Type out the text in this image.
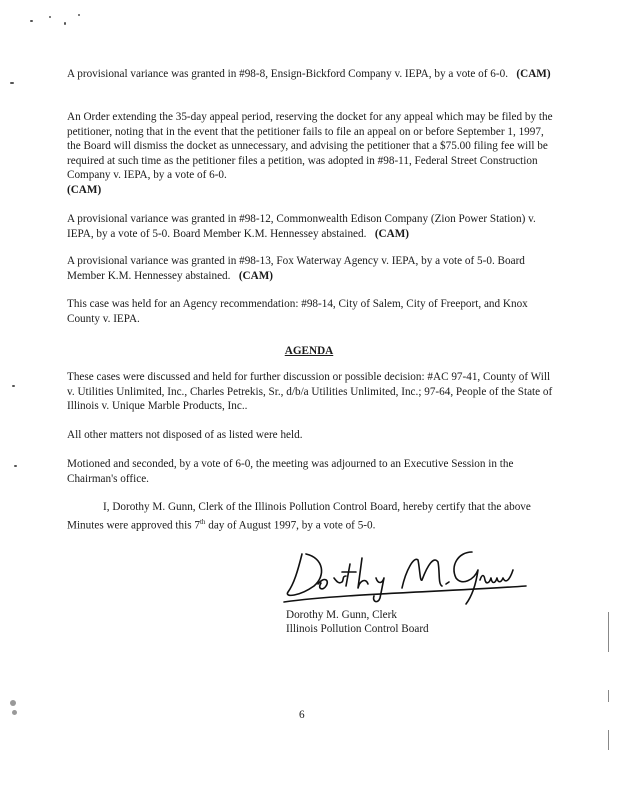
A provisional variance was granted in #98-8, Ensign-Bickford Company v. IEPA, by a vote of 6-0. (CAM)

An Order extending the 35-day appeal period, reserving the docket for any appeal which may be filed by the petitioner, noting that in the event that the petitioner fails to file an appeal on or before September 1, 1997, the Board will dismiss the docket as unnecessary, and advising the petitioner that a $75.00 filing fee will be required at such time as the petitioner files a petition, was adopted in #98-11, Federal Street Construction Company v. IEPA, by a vote of 6-0.
(CAM)

A provisional variance was granted in #98-12, Commonwealth Edison Company (Zion Power Station) v. IEPA, by a vote of 5-0. Board Member K.M. Hennessey abstained. (CAM)

A provisional variance was granted in #98-13, Fox Waterway Agency v. IEPA, by a vote of 5-0. Board Member K.M. Hennessey abstained. (CAM)

This case was held for an Agency recommendation: #98-14, City of Salem, City of Freeport, and Knox County v. IEPA.

AGENDA

These cases were discussed and held for further discussion or possible decision: #AC 97-41, County of Will v. Utilities Unlimited, Inc., Charles Petrekis, Sr., d/b/a Utilities Unlimited, Inc.; 97-64, People of the State of Illinois v. Unique Marble Products, Inc..

All other matters not disposed of as listed were held.

Motioned and seconded, by a vote of 6-0, the meeting was adjourned to an Executive Session in the Chairman's office.

I, Dorothy M. Gunn, Clerk of the Illinois Pollution Control Board, hereby certify that the above Minutes were approved this 7th day of August 1997, by a vote of 5-0.

Dorothy M. Gunn, Clerk
Illinois Pollution Control Board
6
